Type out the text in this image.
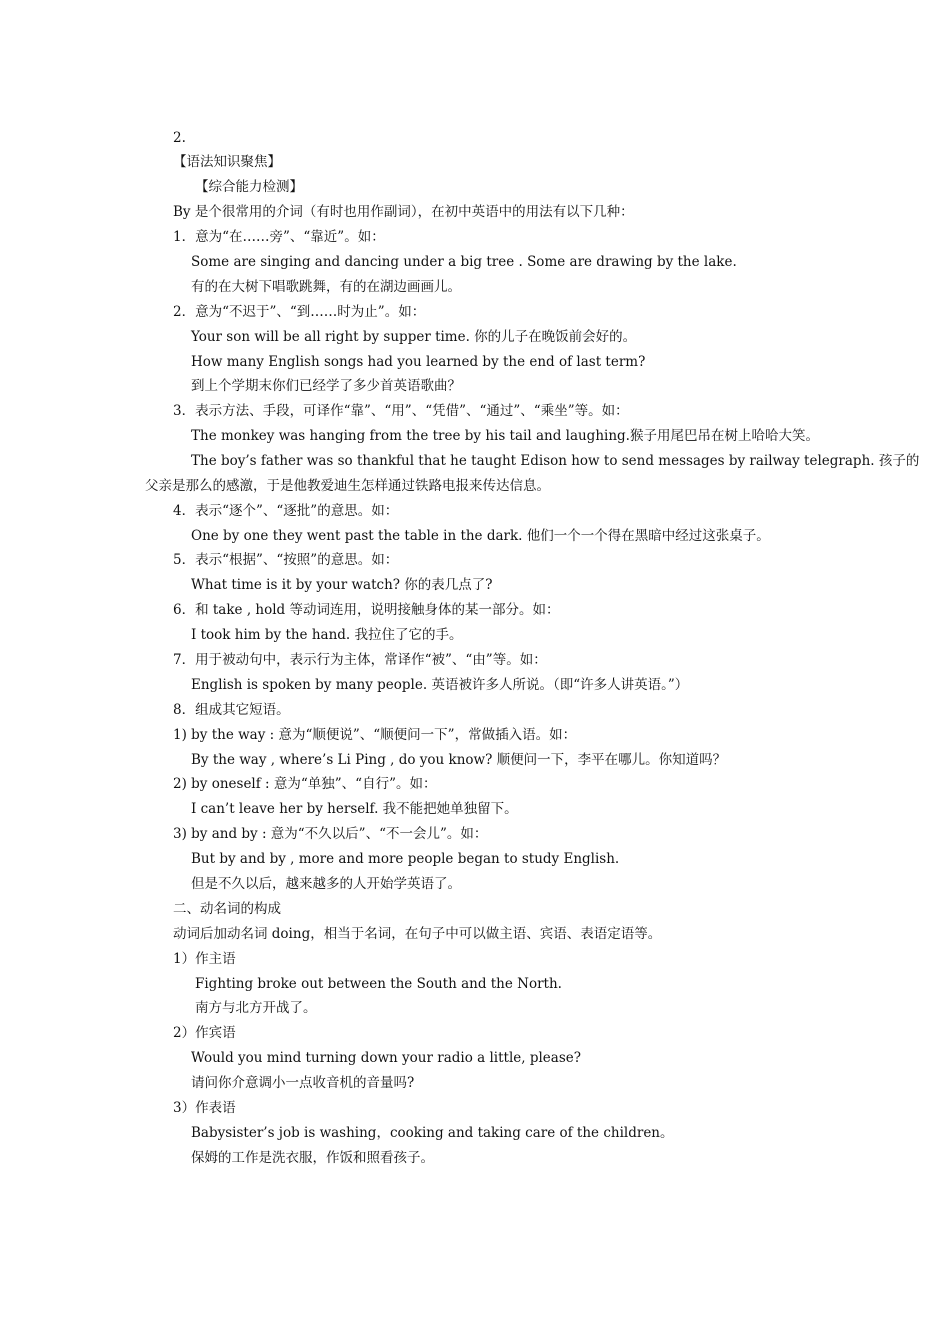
2.
【语法知识聚焦】
【综合能力检测】
By 是个很常用的介词（有时也用作副词），在初中英语中的用法有以下几种：
1．意为“在……旁”、“靠近”。如：
Some are singing and dancing under a big tree . Some are drawing by the lake.
有的在大树下唱歌跳舞，有的在湖边画画儿。
2．意为“不迟于”、“到……时为止”。如：
Your son will be all right by supper time. 你的儿子在晚饭前会好的。
How many English songs had you learned by the end of last term?
到上个学期末你们已经学了多少首英语歌曲？
3．表示方法、手段，可译作“靠”、“用”、“凭借”、“通过”、“乘坐”等。如：
The monkey was hanging from the tree by his tail and laughing.猴子用尾巴吊在树上哈哈大笑。
The boy’s father was so thankful that he taught Edison how to send messages by railway telegraph. 孩子的
父亲是那么的感激，于是他教爱迪生怎样通过铁路电报来传达信息。
4．表示“逐个”、“逐批”的意思。如：
One by one they went past the table in the dark. 他们一个一个得在黑暗中经过这张桌子。
5．表示“根据”、“按照”的意思。如：
What time is it by your watch? 你的表几点了?
6．和 take , hold 等动词连用，说明接触身体的某一部分。如：
I took him by the hand. 我拉住了它的手。
7．用于被动句中，表示行为主体，常译作“被”、“由”等。如：
English is spoken by many people. 英语被许多人所说。（即“许多人讲英语。”）
8．组成其它短语。
1) by the way : 意为“顺便说”、“顺便问一下”，常做插入语。如：
By the way , where’s Li Ping , do you know? 顺便问一下，李平在哪儿。你知道吗？
2) by oneself : 意为“单独”、“自行”。如：
I can’t leave her by herself. 我不能把她单独留下。
3) by and by : 意为“不久以后”、“不一会儿”。如：
But by and by , more and more people began to study English.
但是不久以后，越来越多的人开始学英语了。
二、动名词的构成
动词后加动名词 doing，相当于名词，在句子中可以做主语、宾语、表语定语等。
1）作主语
Fighting broke out between the South and the North.
南方与北方开战了。
2）作宾语
Would you mind turning down your radio a little, please?
请问你介意调小一点收音机的音量吗?
3）作表语
Babysister’s job is washing，cooking and taking care of the children。
保姆的工作是洗衣服，作饭和照看孩子。
